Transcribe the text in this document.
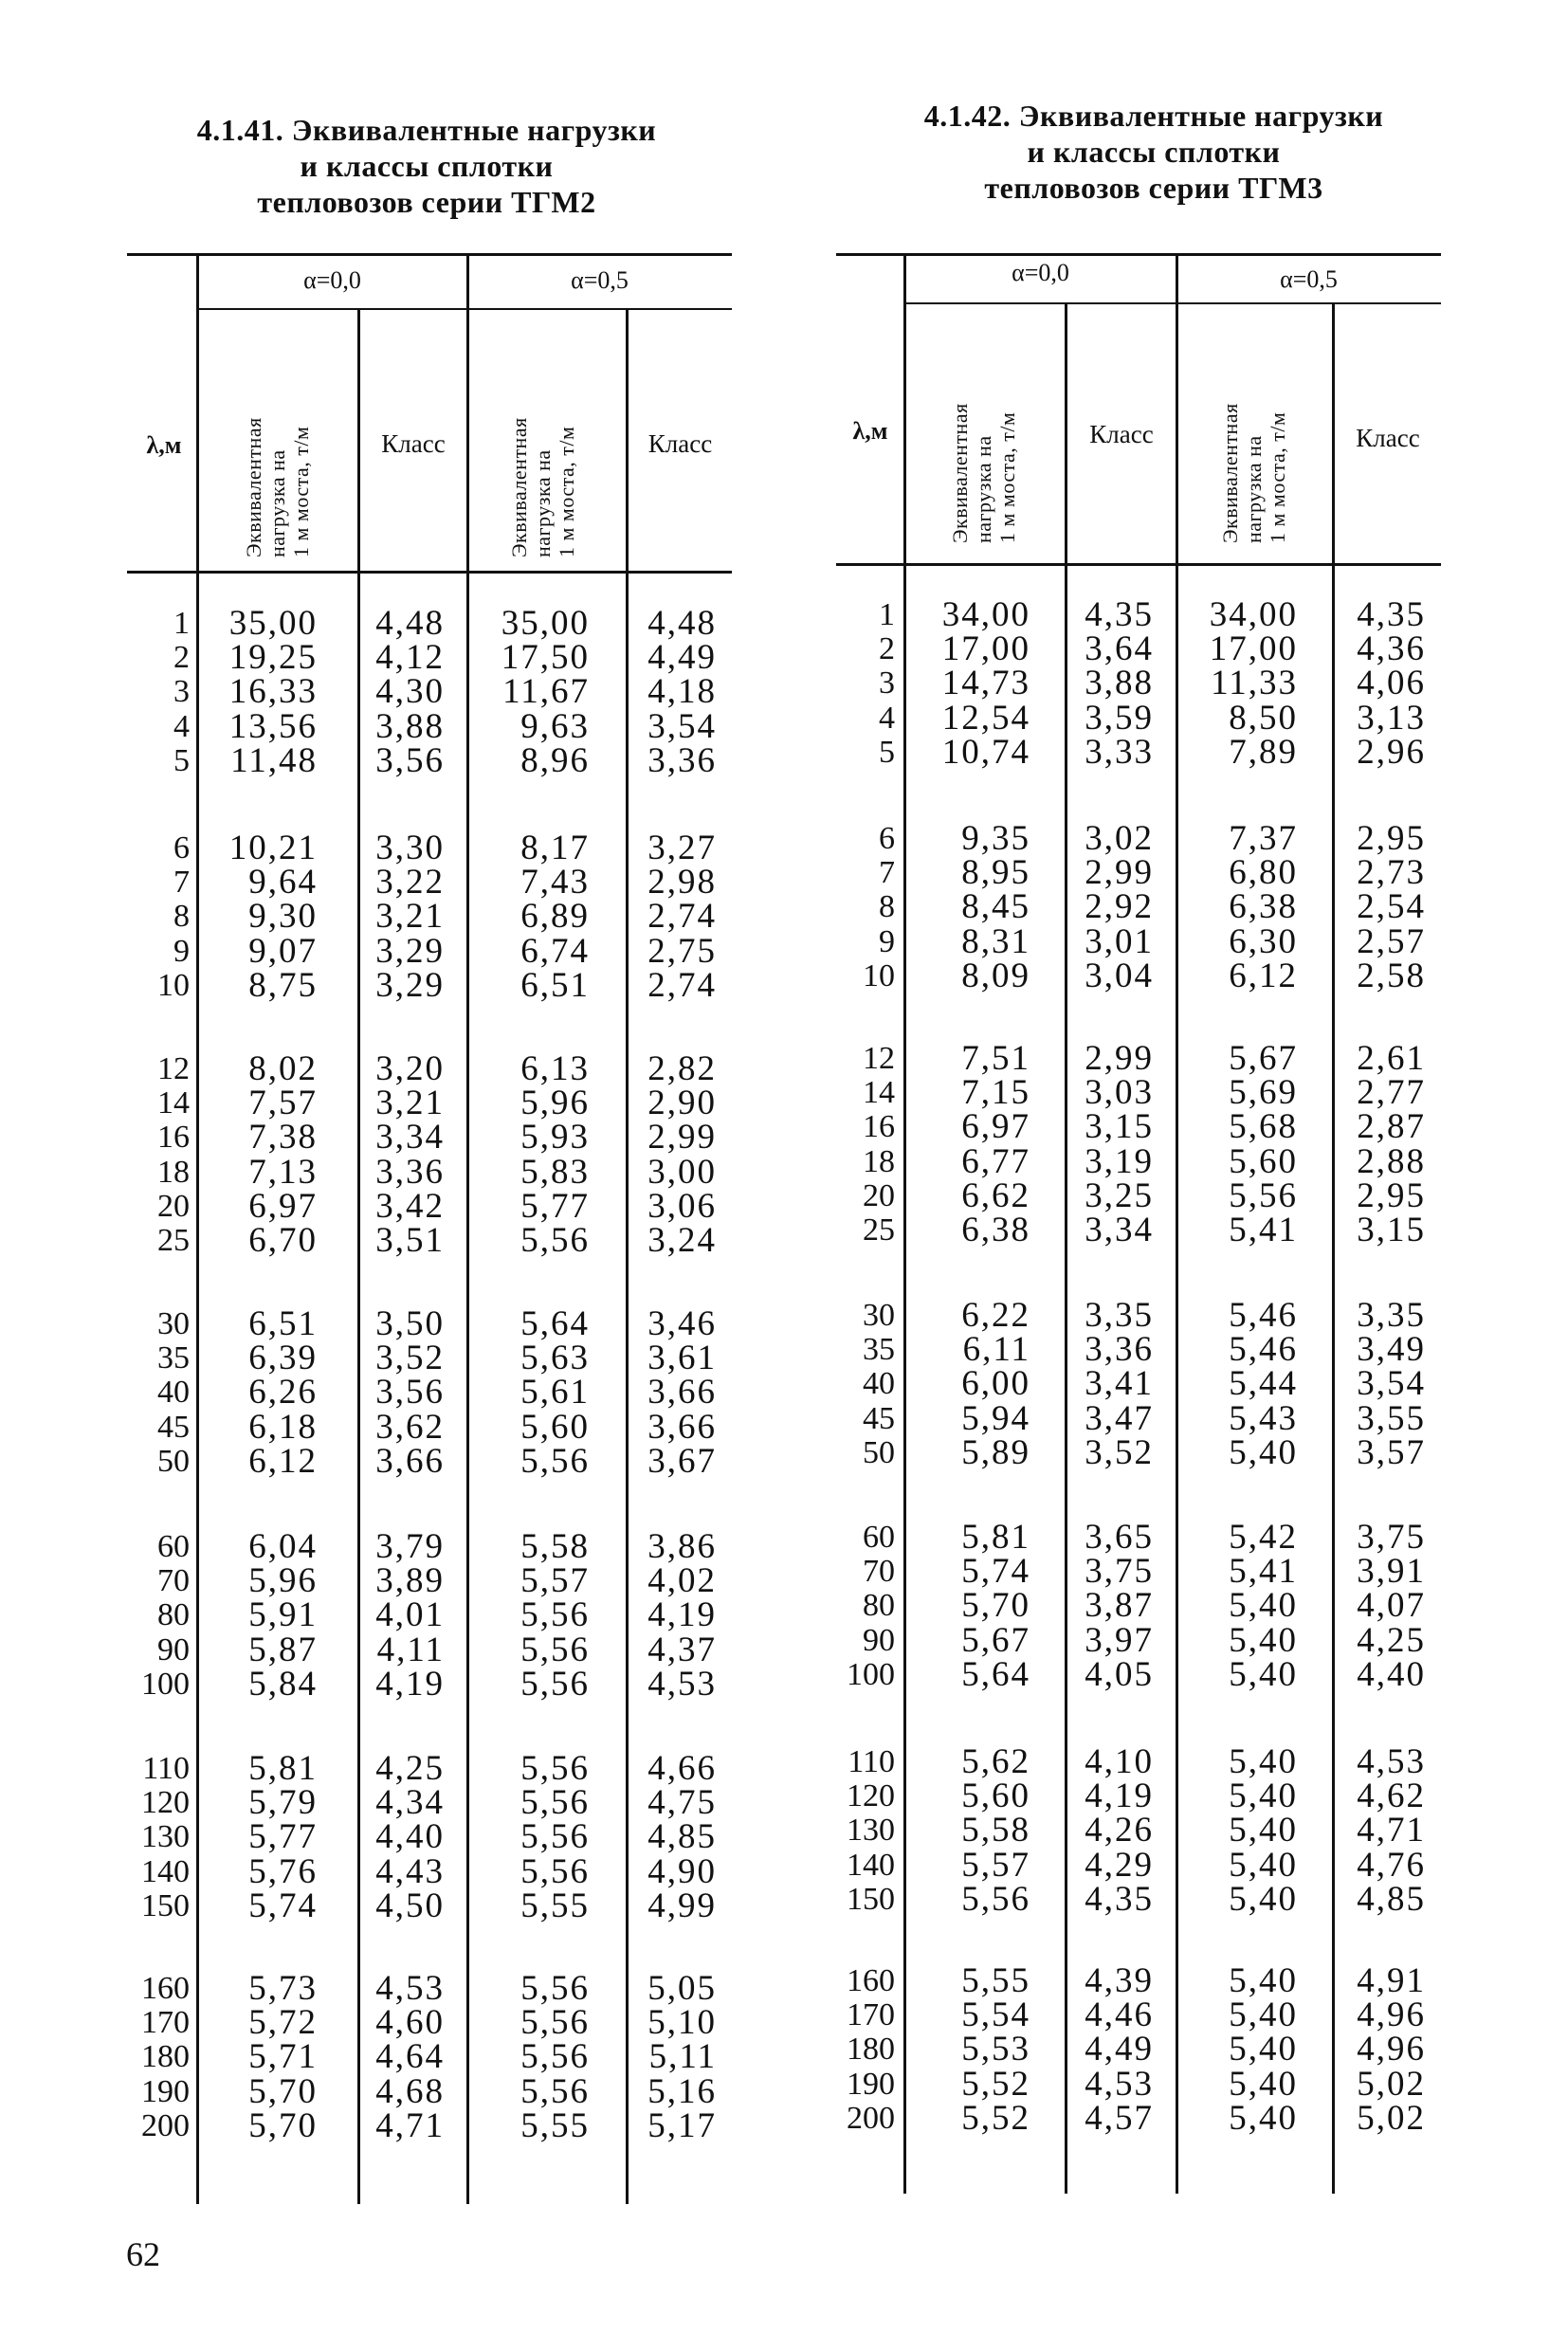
4.1.41. Эквивалентные нагрузки
и классы сплотки
тепловозов серии ТГМ2
α=0,0	α=0,5
λ,м	Эквивалентная нагрузка на 1 м моста, т/м	Класс	Эквивалентная нагрузка на 1 м моста, т/м	Класс
1	35,00	4,48	35,00	4,48
2	19,25	4,12	17,50	4,49
3	16,33	4,30	11,67	4,18
4	13,56	3,88	9,63	3,54
5	11,48	3,56	8,96	3,36
6	10,21	3,30	8,17	3,27
7	9,64	3,22	7,43	2,98
8	9,30	3,21	6,89	2,74
9	9,07	3,29	6,74	2,75
10	8,75	3,29	6,51	2,74
12	8,02	3,20	6,13	2,82
14	7,57	3,21	5,96	2,90
16	7,38	3,34	5,93	2,99
18	7,13	3,36	5,83	3,00
20	6,97	3,42	5,77	3,06
25	6,70	3,51	5,56	3,24
30	6,51	3,50	5,64	3,46
35	6,39	3,52	5,63	3,61
40	6,26	3,56	5,61	3,66
45	6,18	3,62	5,60	3,66
50	6,12	3,66	5,56	3,67
60	6,04	3,79	5,58	3,86
70	5,96	3,89	5,57	4,02
80	5,91	4,01	5,56	4,19
90	5,87	4,11	5,56	4,37
100	5,84	4,19	5,56	4,53
110	5,81	4,25	5,56	4,66
120	5,79	4,34	5,56	4,75
130	5,77	4,40	5,56	4,85
140	5,76	4,43	5,56	4,90
150	5,74	4,50	5,55	4,99
160	5,73	4,53	5,56	5,05
170	5,72	4,60	5,56	5,10
180	5,71	4,64	5,56	5,11
190	5,70	4,68	5,56	5,16
200	5,70	4,71	5,55	5,17
4.1.42. Эквивалентные нагрузки
и классы сплотки
тепловозов серии ТГМ3
α=0,0	α=0,5
λ,м	Эквивалентная нагрузка на 1 м моста, т/м	Класс	Эквивалентная нагрузка на 1 м моста, т/м	Класс
1	34,00	4,35	34,00	4,35
2	17,00	3,64	17,00	4,36
3	14,73	3,88	11,33	4,06
4	12,54	3,59	8,50	3,13
5	10,74	3,33	7,89	2,96
6	9,35	3,02	7,37	2,95
7	8,95	2,99	6,80	2,73
8	8,45	2,92	6,38	2,54
9	8,31	3,01	6,30	2,57
10	8,09	3,04	6,12	2,58
12	7,51	2,99	5,67	2,61
14	7,15	3,03	5,69	2,77
16	6,97	3,15	5,68	2,87
18	6,77	3,19	5,60	2,88
20	6,62	3,25	5,56	2,95
25	6,38	3,34	5,41	3,15
30	6,22	3,35	5,46	3,35
35	6,11	3,36	5,46	3,49
40	6,00	3,41	5,44	3,54
45	5,94	3,47	5,43	3,55
50	5,89	3,52	5,40	3,57
60	5,81	3,65	5,42	3,75
70	5,74	3,75	5,41	3,91
80	5,70	3,87	5,40	4,07
90	5,67	3,97	5,40	4,25
100	5,64	4,05	5,40	4,40
110	5,62	4,10	5,40	4,53
120	5,60	4,19	5,40	4,62
130	5,58	4,26	5,40	4,71
140	5,57	4,29	5,40	4,76
150	5,56	4,35	5,40	4,85
160	5,55	4,39	5,40	4,91
170	5,54	4,46	5,40	4,96
180	5,53	4,49	5,40	4,96
190	5,52	4,53	5,40	5,02
200	5,52	4,57	5,40	5,02
62
